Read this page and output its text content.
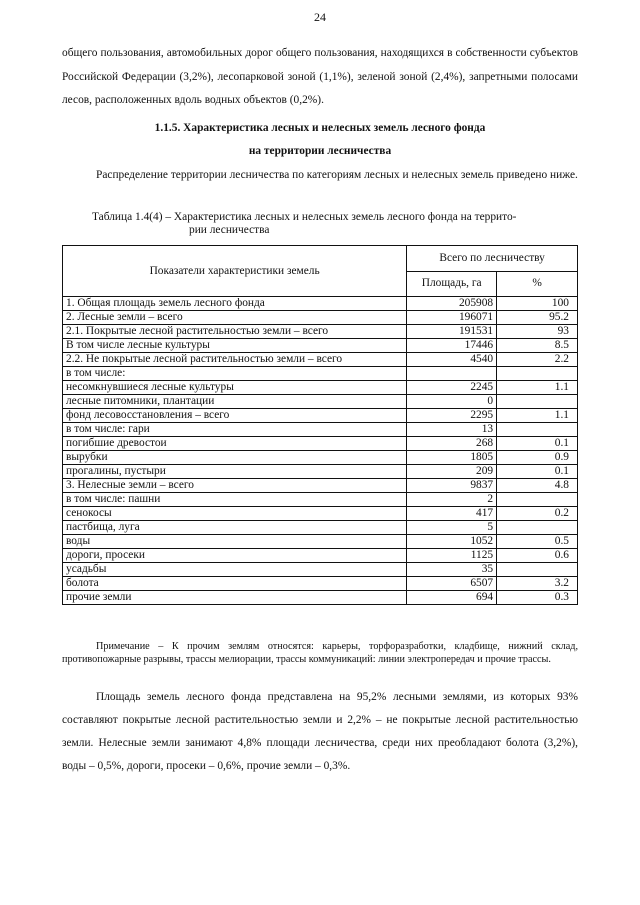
24
общего пользования, автомобильных дорог общего пользования, находящихся в собственности субъектов Российской Федерации (3,2%), лесопарковой зоной (1,1%), зеленой зоной (2,4%), запретными полосами лесов, расположенных вдоль водных объектов (0,2%).
1.1.5. Характеристика лесных и нелесных земель лесного фонда
на территории лесничества
Распределение территории лесничества по категориям лесных и нелесных земель приведено ниже.
Таблица 1.4(4) – Характеристика лесных и нелесных земель лесного фонда на террито-
рии лесничества
Показатели характеристики земель	Всего по лесничеству	
	Площадь, га	%
1. Общая площадь земель лесного фонда	205908	100
2. Лесные земли – всего	196071	95.2
2.1. Покрытые лесной растительностью земли – всего	191531	93
В том числе лесные культуры	17446	8.5
2.2. Не покрытые лесной растительностью земли – всего	4540	2.2
в том числе:		
несомкнувшиеся лесные культуры	2245	1.1
лесные питомники, плантации	0	
фонд лесовосстановления – всего	2295	1.1
в том числе: гари	13	
погибшие древостои	268	0.1
вырубки	1805	0.9
прогалины, пустыри	209	0.1
3. Нелесные земли – всего	9837	4.8
в том числе: пашни	2	
сенокосы	417	0.2
пастбища, луга	5	
воды	1052	0.5
дороги, просеки	1125	0.6
усадьбы	35	
болота	6507	3.2
прочие земли	694	0.3
Примечание – К прочим землям относятся: карьеры, торфоразработки, кладбище, нижний склад, противопожарные разрывы, трассы мелиорации, трассы коммуникаций: линии электропередач и прочие трассы.
Площадь земель лесного фонда представлена на 95,2% лесными землями, из которых 93% составляют покрытые лесной растительностью земли и 2,2% – не покрытые лесной растительностью земли. Нелесные земли занимают 4,8% площади лесничества, среди них преобладают болота (3,2%), воды – 0,5%, дороги, просеки – 0,6%, прочие земли – 0,3%.
